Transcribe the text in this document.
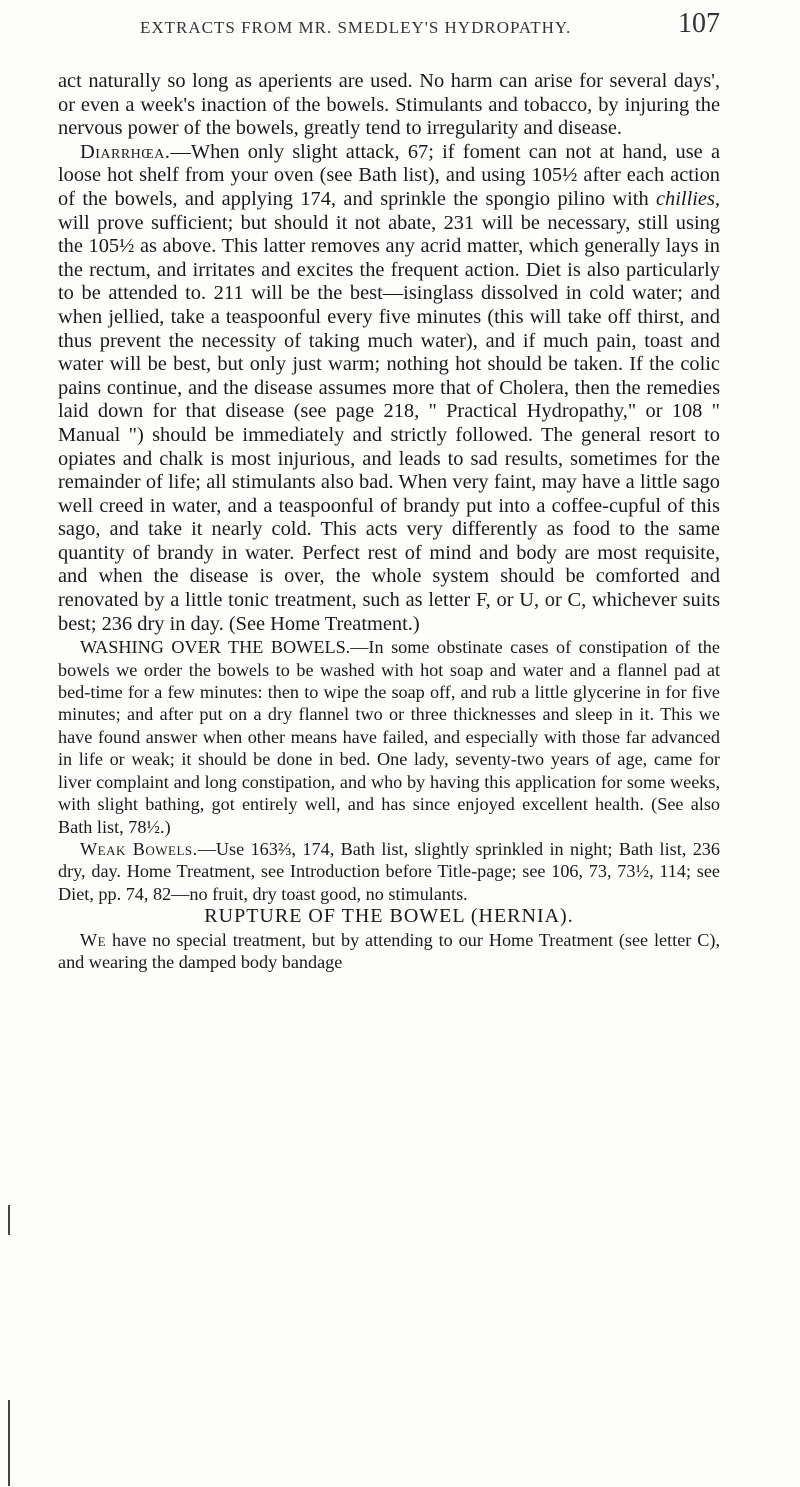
EXTRACTS FROM MR. SMEDLEY'S HYDROPATHY.	107

act naturally so long as aperients are used. No harm can arise for several days', or even a week's inaction of the bowels. Stimulants and tobacco, by injuring the nervous power of the bowels, greatly tend to irregularity and disease.

Diarrhœa.—When only slight attack, 67; if foment can not at hand, use a loose hot shelf from your oven (see Bath list), and using 105½ after each action of the bowels, and applying 174, and sprinkle the spongio pilino with chillies, will prove sufficient; but should it not abate, 231 will be necessary, still using the 105½ as above. This latter removes any acrid matter, which generally lays in the rectum, and irritates and excites the frequent action. Diet is also particularly to be attended to. 211 will be the best—isinglass dissolved in cold water; and when jellied, take a teaspoonful every five minutes (this will take off thirst, and thus prevent the necessity of taking much water), and if much pain, toast and water will be best, but only just warm; nothing hot should be taken. If the colic pains continue, and the disease assumes more that of Cholera, then the remedies laid down for that disease (see page 218, " Practical Hydropathy," or 108 " Manual ") should be immediately and strictly followed. The general resort to opiates and chalk is most injurious, and leads to sad results, sometimes for the remainder of life; all stimulants also bad. When very faint, may have a little sago well creed in water, and a teaspoonful of brandy put into a coffee-cupful of this sago, and take it nearly cold. This acts very differently as food to the same quantity of brandy in water. Perfect rest of mind and body are most requisite, and when the disease is over, the whole system should be comforted and renovated by a little tonic treatment, such as letter F, or U, or C, whichever suits best; 236 dry in day. (See Home Treatment.)

WASHING OVER THE BOWELS.—In some obstinate cases of constipation of the bowels we order the bowels to be washed with hot soap and water and a flannel pad at bed-time for a few minutes: then to wipe the soap off, and rub a little glycerine in for five minutes; and after put on a dry flannel two or three thicknesses and sleep in it. This we have found answer when other means have failed, and especially with those far advanced in life or weak; it should be done in bed. One lady, seventy-two years of age, came for liver complaint and long constipation, and who by having this application for some weeks, with slight bathing, got entirely well, and has since enjoyed excellent health. (See also Bath list, 78½.)

Weak Bowels.—Use 163⅔, 174, Bath list, slightly sprinkled in night; Bath list, 236 dry, day. Home Treatment, see Introduction before Title-page; see 106, 73, 73½, 114; see Diet, pp. 74, 82—no fruit, dry toast good, no stimulants.

RUPTURE OF THE BOWEL (HERNIA).

We have no special treatment, but by attending to our Home Treatment (see letter C), and wearing the damped body bandage
